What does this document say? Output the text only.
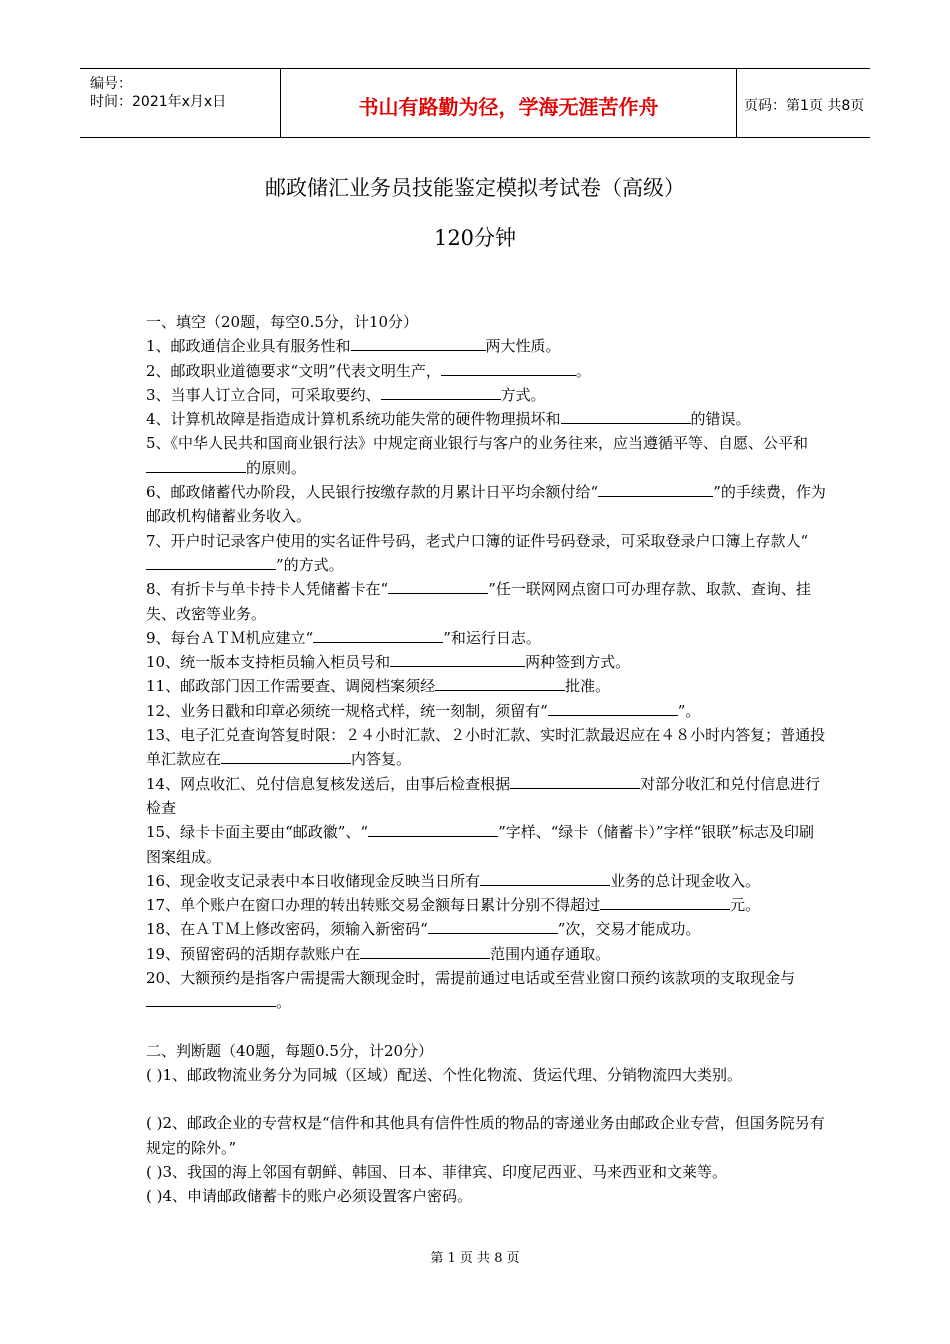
编号：
时间：2021年x月x日	书山有路勤为径，学海无涯苦作舟	页码：第1页 共8页
邮政储汇业务员技能鉴定模拟考试卷（高级）
120分钟

一、填空（20题，每空0.5分，计10分）

1、邮政通信企业具有服务性和	两大性质。

2、邮政职业道德要求“文明”代表文明生产，	。

3、当事人订立合同，可采取要约、	方式。

4、计算机故障是指造成计算机系统功能失常的硬件物理损坏和	的错误。

5、《中华人民共和国商业银行法》中规定商业银行与客户的业务往来，应当遵循平等、自愿、公平和的原则。

6、邮政储蓄代办阶段，人民银行按缴存款的月累计日平均余额付给“	”的手续费，作为邮政机构储蓄业务收入。

7、开户时记录客户使用的实名证件号码，老式户口簿的证件号码登录，可采取登录户口簿上存款人“”的方式。

8、有折卡与单卡持卡人凭储蓄卡在“	”任一联网网点窗口可办理存款、取款、查询、挂失、改密等业务。

9、每台ＡＴＭ机应建立“	”和运行日志。

10、统一版本支持柜员输入柜员号和	两种签到方式。

11、邮政部门因工作需要查、调阅档案须经	批准。

12、业务日戳和印章必须统一规格式样，统一刻制，须留有“	”。

13、电子汇兑查询答复时限：２４小时汇款、２小时汇款、实时汇款最迟应在４８小时内答复；普通投单汇款应在	内答复。

14、网点收汇、兑付信息复核发送后，由事后检查根据	对部分收汇和兑付信息进行检查

15、绿卡卡面主要由“邮政徽”、“	”字样、“绿卡（储蓄卡）”字样“银联”标志及印刷图案组成。

16、现金收支记录表中本日收储现金反映当日所有	业务的总计现金收入。

17、单个账户在窗口办理的转出转账交易金额每日累计分别不得超过	元。

18、在ＡＴＭ上修改密码，须输入新密码“	”次，交易才能成功。

19、预留密码的活期存款账户在	范围内通存通取。

20、大额预约是指客户需提需大额现金时，需提前通过电话或至营业窗口预约该款项的支取现金与。

二、判断题（40题，每题0.5分，计20分）

( )1、邮政物流业务分为同城（区域）配送、个性化物流、货运代理、分销物流四大类别。

( )2、邮政企业的专营权是“信件和其他具有信件性质的物品的寄递业务由邮政企业专营，但国务院另有规定的除外。”

( )3、我国的海上邻国有朝鲜、韩国、日本、菲律宾、印度尼西亚、马来西亚和文莱等。

( )4、申请邮政储蓄卡的账户必须设置客户密码。

第 1 页 共 8 页
